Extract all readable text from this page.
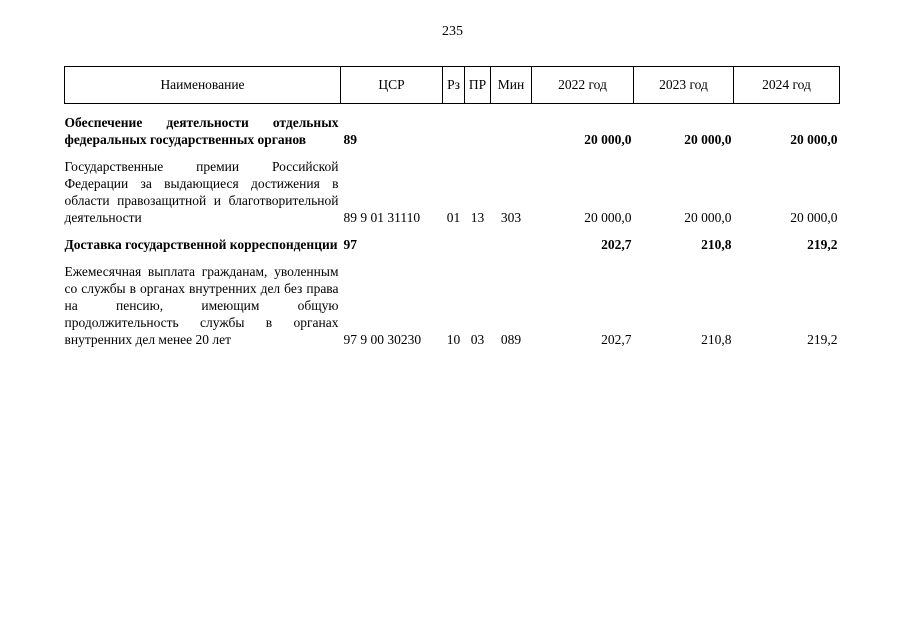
235
Наименование	ЦСР	Рз	ПР	Мин	2022 год	2023 год	2024 год

Обеспечение деятельности отдельных федеральных государственных органов	89				20 000,0	20 000,0	20 000,0

Государственные премии Российской Федерации за выдающиеся достижения в области правозащитной и благотворительной деятельности	89 9 01 31110	01	13	303	20 000,0	20 000,0	20 000,0

Доставка государственной корреспонденции	97				202,7	210,8	219,2

Ежемесячная выплата гражданам, уволенным со службы в органах внутренних дел без права на пенсию, имеющим общую продолжительность службы в органах внутренних дел менее 20 лет	97 9 00 30230	10	03	089	202,7	210,8	219,2
